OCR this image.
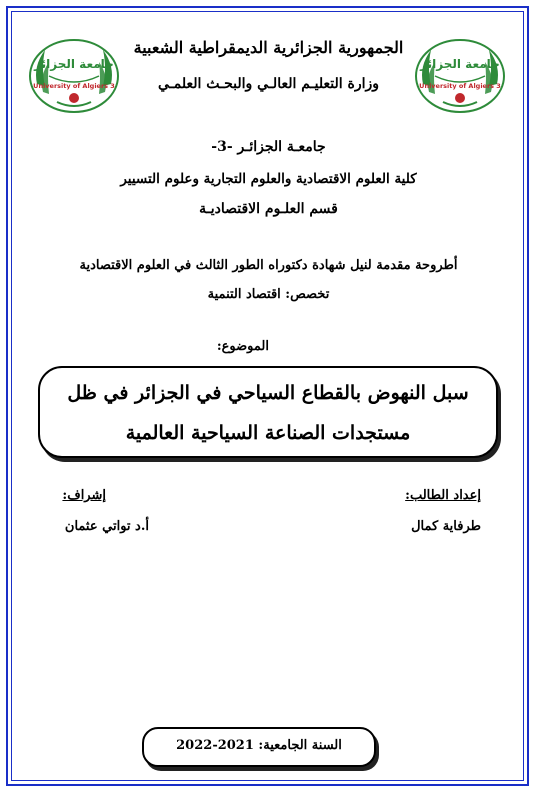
جامعة الجزائر
University of Algiers 3
جامعة الجزائر
University of Algiers 3
الجمهورية الجزائرية الديمقراطية الشعبية
وزارة التعليـم العالـي والبحـث العلمـي
جامعـة الجزائـر -3-
كلية العلوم الاقتصادية والعلوم التجارية وعلوم التسيير
قسم العلـوم الاقتصاديـة
أطروحة مقدمة لنيل شهادة دكتوراه الطور الثالث في العلوم الاقتصادية
تخصص: اقتصاد التنمية
الموضوع:
سبل النهوض بالقطاع السياحي في الجزائر في ظل
مستجدات الصناعة السياحية العالمية
إعداد الطالب:
طرفاية كمال
إشراف:
أ.د تواتي عثمان
السنة الجامعية: 2021-2022
